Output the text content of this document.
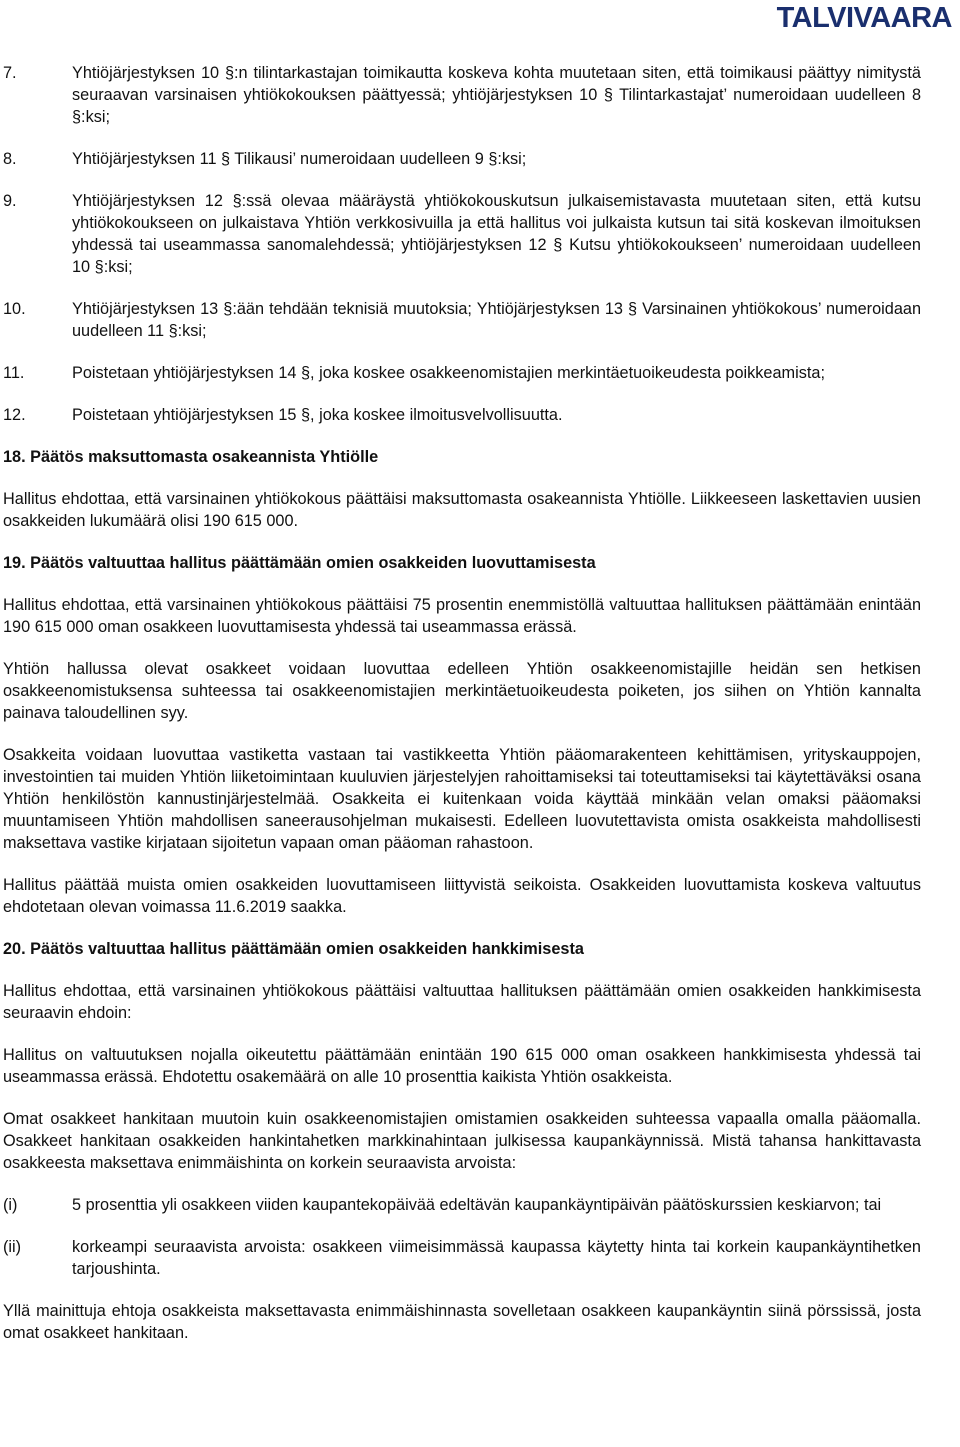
TALVIVAARA
7.	Yhtiöjärjestyksen 10 §:n tilintarkastajan toimikautta koskeva kohta muutetaan siten, että toimikausi päättyy nimitystä seuraavan varsinaisen yhtiökokouksen päättyessä; yhtiöjärjestyksen 10 § Tilintarkastajat’ numeroidaan uudelleen 8 §:ksi;
8.	Yhtiöjärjestyksen 11 § Tilikausi’ numeroidaan uudelleen 9 §:ksi;
9.	Yhtiöjärjestyksen 12 §:ssä olevaa määräystä yhtiökokouskutsun julkaisemistavasta muutetaan siten, että kutsu yhtiökokoukseen on julkaistava Yhtiön verkkosivuilla ja että hallitus voi julkaista kutsun tai sitä koskevan ilmoituksen yhdessä tai useammassa sanomalehdessä; yhtiöjärjestyksen 12 § Kutsu yhtiökokoukseen’ numeroidaan uudelleen 10 §:ksi;
10.	Yhtiöjärjestyksen 13 §:ään tehdään teknisiä muutoksia; Yhtiöjärjestyksen 13 § Varsinainen yhtiökokous’ numeroidaan uudelleen 11 §:ksi;
11.	Poistetaan yhtiöjärjestyksen 14 §, joka koskee osakkeenomistajien merkintäetuoikeudesta poikkeamista;
12.	Poistetaan yhtiöjärjestyksen 15 §, joka koskee ilmoitusvelvollisuutta.
18. Päätös maksuttomasta osakeannista Yhtiölle

Hallitus ehdottaa, että varsinainen yhtiökokous päättäisi maksuttomasta osakeannista Yhtiölle. Liikkeeseen laskettavien uusien osakkeiden lukumäärä olisi 190 615 000.

19. Päätös valtuuttaa hallitus päättämään omien osakkeiden luovuttamisesta

Hallitus ehdottaa, että varsinainen yhtiökokous päättäisi 75 prosentin enemmistöllä valtuuttaa hallituksen päättämään enintään 190 615 000 oman osakkeen luovuttamisesta yhdessä tai useammassa erässä.

Yhtiön hallussa olevat osakkeet voidaan luovuttaa edelleen Yhtiön osakkeenomistajille heidän sen hetkisen osakkeenomistuksensa suhteessa tai osakkeenomistajien merkintäetuoikeudesta poiketen, jos siihen on Yhtiön kannalta painava taloudellinen syy.

Osakkeita voidaan luovuttaa vastiketta vastaan tai vastikkeetta Yhtiön pääomarakenteen kehittämisen, yrityskauppojen, investointien tai muiden Yhtiön liiketoimintaan kuuluvien järjestelyjen rahoittamiseksi tai toteuttamiseksi tai käytettäväksi osana Yhtiön henkilöstön kannustinjärjestelmää. Osakkeita ei kuitenkaan voida käyttää minkään velan omaksi pääomaksi muuntamiseen Yhtiön mahdollisen saneerausohjelman mukaisesti. Edelleen luovutettavista omista osakkeista mahdollisesti maksettava vastike kirjataan sijoitetun vapaan oman pääoman rahastoon.

Hallitus päättää muista omien osakkeiden luovuttamiseen liittyvistä seikoista. Osakkeiden luovuttamista koskeva valtuutus ehdotetaan olevan voimassa 11.6.2019 saakka.

20. Päätös valtuuttaa hallitus päättämään omien osakkeiden hankkimisesta

Hallitus ehdottaa, että varsinainen yhtiökokous päättäisi valtuuttaa hallituksen päättämään omien osakkeiden hankkimisesta seuraavin ehdoin:

Hallitus on valtuutuksen nojalla oikeutettu päättämään enintään 190 615 000 oman osakkeen hankkimisesta yhdessä tai useammassa erässä. Ehdotettu osakemäärä on alle 10 prosenttia kaikista Yhtiön osakkeista.

Omat osakkeet hankitaan muutoin kuin osakkeenomistajien omistamien osakkeiden suhteessa vapaalla omalla pääomalla. Osakkeet hankitaan osakkeiden hankintahetken markkinahintaan julkisessa kaupankäynnissä. Mistä tahansa hankittavasta osakkeesta maksettava enimmäishinta on korkein seuraavista arvoista:

(i)	5 prosenttia yli osakkeen viiden kaupantekopäivää edeltävän kaupankäyntipäivän päätöskurssien keskiarvon; tai
(ii)	korkeampi seuraavista arvoista: osakkeen viimeisimmässä kaupassa käytetty hinta tai korkein kaupankäyntihetken tarjoushinta.

Yllä mainittuja ehtoja osakkeista maksettavasta enimmäishinnasta sovelletaan osakkeen kaupankäyntin siinä pörssissä, josta omat osakkeet hankitaan.
